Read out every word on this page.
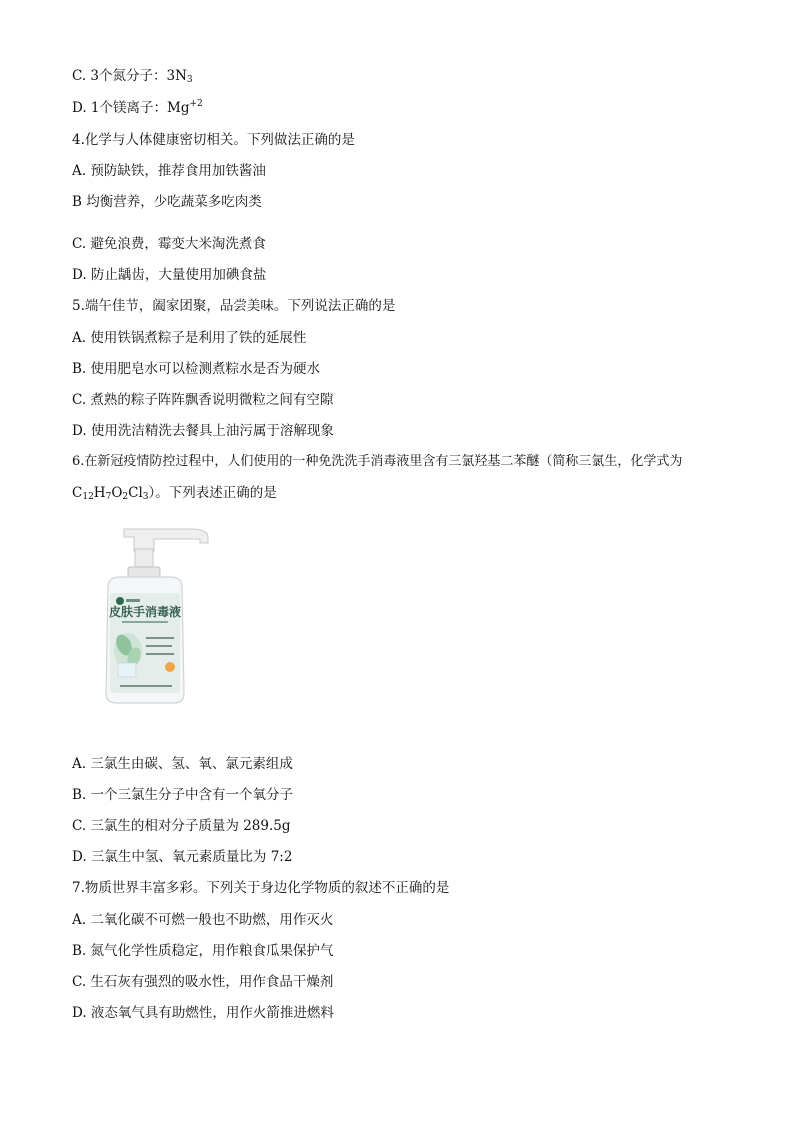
C. 3个氮分子：$3N_3$
D. 1个镁离子：$Mg^{+2}$
4.化学与人体健康密切相关。下列做法正确的是
A. 预防缺铁，推荐食用加铁酱油
B 均衡营养，少吃蔬菜多吃肉类
C. 避免浪费，霉变大米淘洗煮食
D. 防止龋齿，大量使用加碘食盐
5.端午佳节，阖家团聚，品尝美味。下列说法正确的是
A. 使用铁锅煮粽子是利用了铁的延展性
B. 使用肥皂水可以检测煮粽水是否为硬水
C. 煮熟的粽子阵阵飘香说明微粒之间有空隙
D. 使用洗洁精洗去餐具上油污属于溶解现象
6.在新冠疫情防控过程中，人们使用的一种免洗洗手消毒液里含有三氯羟基二苯醚（简称三氯生，化学式为
$C_{12}H_7O_2Cl_3$）。下列表述正确的是
皮肤手消毒液
A. 三氯生由碳、氢、氧、氯元素组成
B. 一个三氯生分子中含有一个氧分子
C. 三氯生的相对分子质量为 289.5g
D. 三氯生中氢、氧元素质量比为 7:2
7.物质世界丰富多彩。下列关于身边化学物质的叙述不正确的是
A. 二氧化碳不可燃一般也不助燃，用作灭火
B. 氮气化学性质稳定，用作粮食瓜果保护气
C. 生石灰有强烈的吸水性，用作食品干燥剂
D. 液态氧气具有助燃性，用作火箭推进燃料
